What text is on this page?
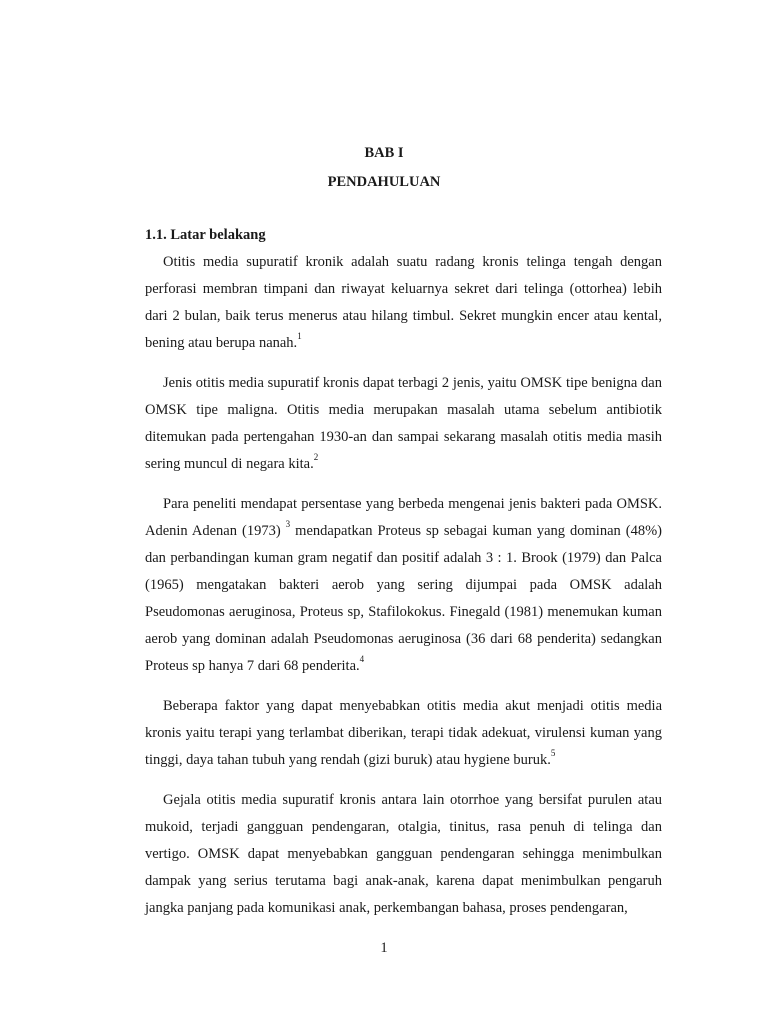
BAB I

PENDAHULUAN

1.1. Latar belakang

Otitis media supuratif kronik adalah suatu radang kronis telinga tengah dengan perforasi membran timpani dan riwayat keluarnya sekret dari telinga (ottorhea) lebih dari 2 bulan, baik terus menerus atau hilang timbul. Sekret mungkin encer atau kental, bening atau berupa nanah.$^1$

Jenis otitis media supuratif kronis dapat terbagi 2 jenis, yaitu OMSK tipe benigna dan OMSK tipe maligna. Otitis media merupakan masalah utama sebelum antibiotik ditemukan pada pertengahan 1930-an dan sampai sekarang masalah otitis media masih sering muncul di negara kita.$^2$

Para peneliti mendapat persentase yang berbeda mengenai jenis bakteri pada OMSK. Adenin Adenan (1973) $^3$ mendapatkan Proteus sp sebagai kuman yang dominan (48%) dan perbandingan kuman gram negatif dan positif adalah 3 : 1. Brook (1979) dan Palca (1965) mengatakan bakteri aerob yang sering dijumpai pada OMSK adalah Pseudomonas aeruginosa, Proteus sp, Stafilokokus. Finegald (1981) menemukan kuman aerob yang dominan adalah Pseudomonas aeruginosa (36 dari 68 penderita) sedangkan Proteus sp hanya 7 dari 68 penderita.$^4$

Beberapa faktor yang dapat menyebabkan otitis media akut menjadi otitis media kronis yaitu terapi yang terlambat diberikan, terapi tidak adekuat, virulensi kuman yang tinggi, daya tahan tubuh yang rendah (gizi buruk) atau hygiene buruk.$^5$

Gejala otitis media supuratif kronis antara lain otorrhoe yang bersifat purulen atau mukoid, terjadi gangguan pendengaran, otalgia, tinitus, rasa penuh di telinga dan vertigo. OMSK dapat menyebabkan gangguan pendengaran sehingga menimbulkan dampak yang serius terutama bagi anak-anak, karena dapat menimbulkan pengaruh jangka panjang pada komunikasi anak, perkembangan bahasa, proses pendengaran,

1
